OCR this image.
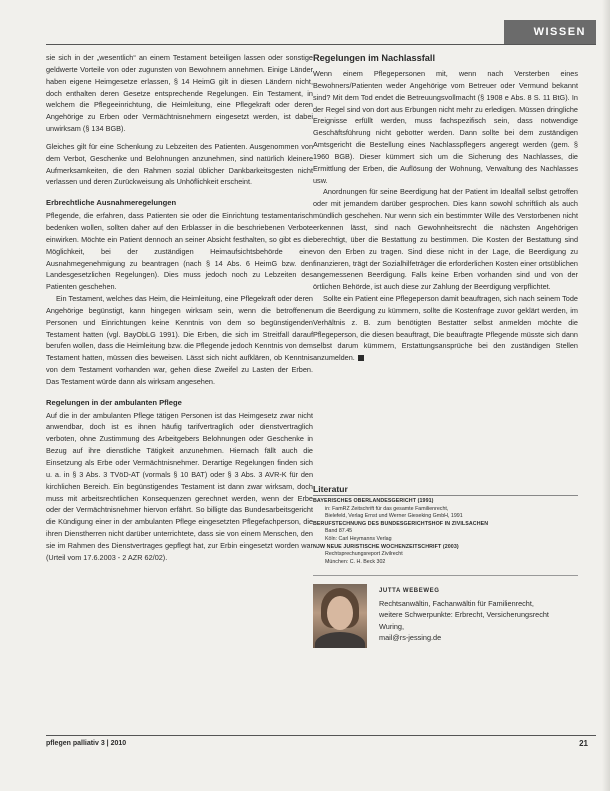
WISSEN

sie sich in der „wesentlich“ an einem Testament beteiligen lassen oder sonstige geldwerte Vorteile von oder zugunsten von Bewohnern annehmen. Einige Länder haben eigene Heimgesetze erlassen, § 14 HeimG gilt in diesen Ländern nicht, doch enthalten deren Gesetze entsprechende Regelungen. Ein Testament, in welchem die Pflegeeinrichtung, die Heimleitung, eine Pflegekraft oder deren Angehörige zu Erben oder Vermächtnisnehmern eingesetzt werden, ist dabei unwirksam (§ 134 BGB).

Gleiches gilt für eine Schenkung zu Lebzeiten des Patienten. Ausgenommen von dem Verbot, Geschenke und Belohnungen anzunehmen, sind natürlich kleinere Aufmerksamkeiten, die den Rahmen sozial üblicher Dankbarkeitsgesten nicht verlassen und deren Zurückweisung als Unhöflichkeit erscheint.

Erbrechtliche Ausnahmeregelungen

Pflegende, die erfahren, dass Patienten sie oder die Einrichtung testamentarisch bedenken wollen, sollten daher auf den Erblasser in die beschriebenen Verbote einwirken. Möchte ein Patient dennoch an seiner Absicht festhalten, so gibt es die Möglichkeit, bei der zuständigen Heimaufsichtsbehörde eine Ausnahmegenehmigung zu beantragen (nach § 14 Abs. 6 HeimG bzw. den Landesgesetzlichen Regelungen). Dies muss jedoch noch zu Lebzeiten des Patienten geschehen.

Ein Testament, welches das Heim, die Heimleitung, eine Pflegekraft oder deren Angehörige begünstigt, kann hingegen wirksam sein, wenn die betroffenen Personen und Einrichtungen keine Kenntnis von dem so begünstigenden Testament hatten (vgl. BayObLG 1991). Die Erben, die sich im Streitfall darauf berufen wollen, dass die Heimleitung bzw. die Pflegende jedoch Kenntnis von dem Testament hatten, müssen dies beweisen. Lässt sich nicht aufklären, ob Kenntnis von dem Testament vorhanden war, gehen diese Zweifel zu Lasten der Erben. Das Testament würde dann als wirksam angesehen.

Regelungen in der ambulanten Pflege

Auf die in der ambulanten Pflege tätigen Personen ist das Heimgesetz zwar nicht anwendbar, doch ist es ihnen häufig tarifvertraglich oder dienstvertraglich verboten, ohne Zustimmung des Arbeitgebers Belohnungen oder Geschenke in Bezug auf ihre dienstliche Tätigkeit anzunehmen. Hiernach fällt auch die Einsetzung als Erbe oder Vermächtnisnehmer. Derartige Regelungen finden sich u. a. in § 3 Abs. 3 TVöD-AT (vormals § 10 BAT) oder § 3 Abs. 3 AVR-K für den kirchlichen Bereich. Ein begünstigendes Testament ist dann zwar wirksam, doch muss mit arbeitsrechtlichen Konsequenzen gerechnet werden, wenn der Erbe oder der Vermächtnisnehmer hiervon erfährt. So billigte das Bundesarbeitsgericht die Kündigung einer in der ambulanten Pflege eingesetzten Pflegefachperson, die ihren Dienstherren nicht darüber unterrichtete, dass sie von einem Menschen, den sie im Rahmen des Dienstvertrages gepflegt hat, zur Erbin eingesetzt worden war (Urteil vom 17.6.2003 - 2 AZR 62/02).

Regelungen im Nachlassfall

Wenn einem Pflegepersonen mit, wenn nach Versterben eines Bewohners/Patienten weder Angehörige vom Betreuer oder Vermund bekannt sind? Mit dem Tod endet die Betreuungsvollmacht (§ 1908 e Abs. 8 S. 11 BtG). In der Regel sind von dort aus Erbungen nicht mehr zu erledigen. Müssen dringliche Ereignisse erfüllt werden, muss fachspezifisch sein, dass notwendige Geschäftsführung nicht gebotter werden. Dann sollte bei dem zuständigen Amtsgericht die Bestellung eines Nachlasspflegers angeregt werden (gem. § 1960 BGB). Dieser kümmert sich um die Sicherung des Nachlasses, die Ermittlung der Erben, die Auflösung der Wohnung, Verwaltung des Nachlasses usw.

Anordnungen für seine Beerdigung hat der Patient im Idealfall selbst getroffen oder mit jemandem darüber gesprochen. Dies kann sowohl schriftlich als auch mündlich geschehen. Nur wenn sich ein bestimmter Wille des Verstorbenen nicht erkennen lässt, sind nach Gewohnheitsrecht die nächsten Angehörigen berechtigt, über die Bestattung zu bestimmen. Die Kosten der Bestattung sind von den Erben zu tragen. Sind diese nicht in der Lage, die Beerdigung zu finanzieren, trägt der Sozialhilfeträger die erforderlichen Kosten einer ortsüblichen angemessenen Beerdigung. Falls keine Erben vorhanden sind und von der örtlichen Behörde, ist auch diese zur Zahlung der Beerdigung verpflichtet.

Sollte ein Patient eine Pflegeperson damit beauftragen, sich nach seinem Tode um die Beerdigung zu kümmern, sollte die Kostenfrage zuvor geklärt werden, im Verhältnis z. B. zum benötigten Bestatter selbst anmelden möchte die Pflegeperson, die diesen beauftragt, Die beauftragte Pflegende müsste sich dann selbst darum kümmern, Erstattungsansprüche bei den zuständigen Stellen anzumelden.

Literatur
BAYERISCHES OBERLANDESGERICHT (1991)
in: FamRZ Zeitschrift für das gesamte Familienrecht,
Bielefeld, Verlag Ernst und Werner Gieseking GmbH, 1991
BERUFSTECHNUNG DES BUNDESGERICHTSHOF IN ZIVILSACHEN
Band 87.45
Köln: Carl Heymanns Verlag
NJW NEUE JURISTISCHE WOCHENZEITSCHRIFT (2003)
Rechtsprechungsreport Zivilrecht
München: C. H. Beck 302
JUTTA WEBEWEG
Rechtsanwältin, Fachanwältin für Familienrecht,
weitere Schwerpunkte: Erbrecht, Versicherungsrecht
Wuring,
mail@rs-jessing.de
pflegen palliativ 3 | 2010	21
